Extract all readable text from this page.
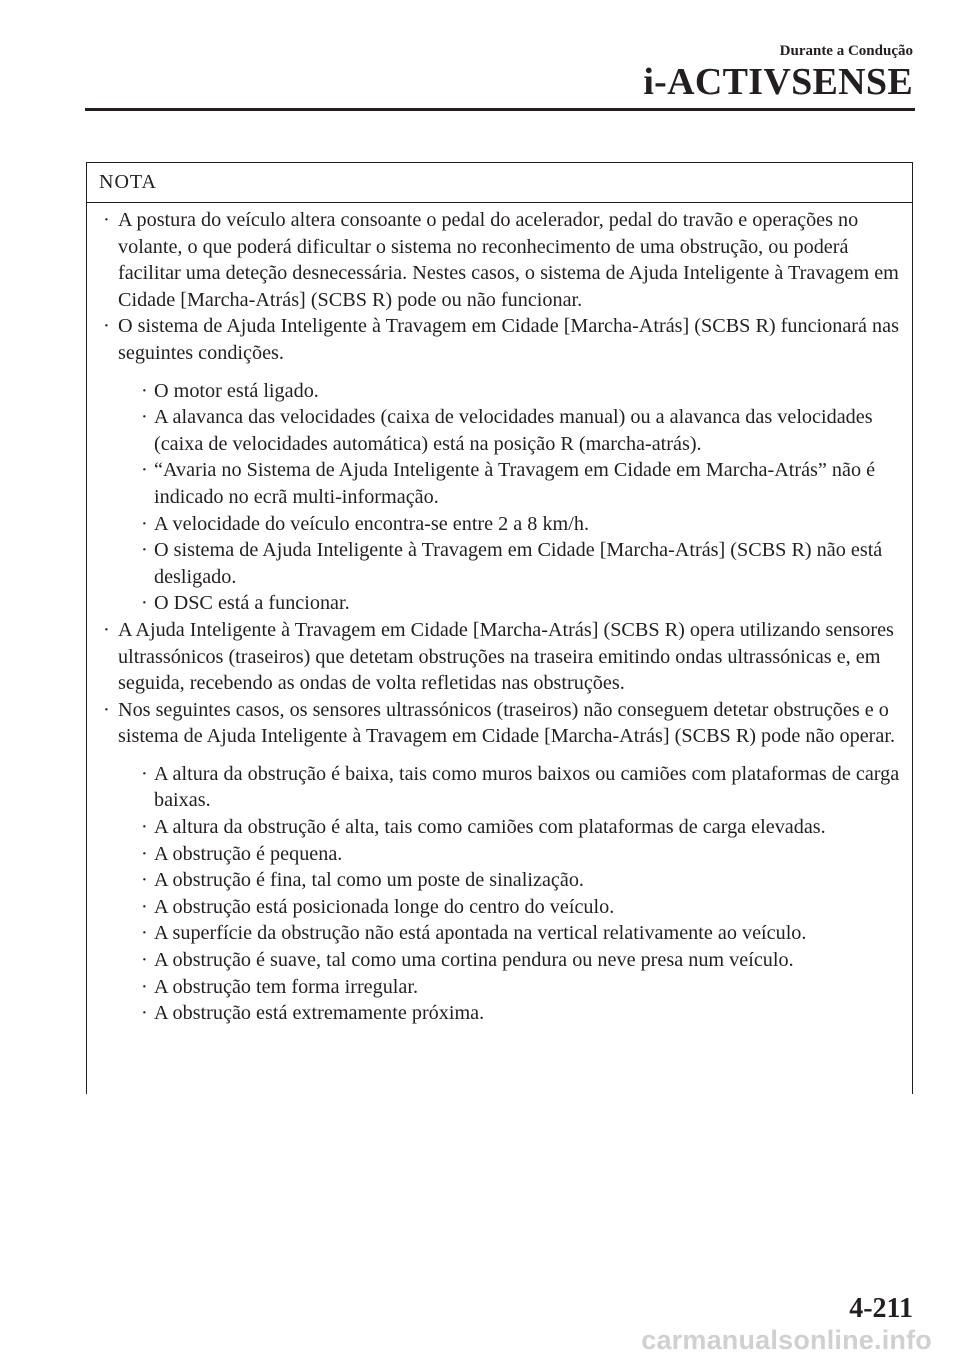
Durante a Condução
i-ACTIVSENSE
NOTA
· A postura do veículo altera consoante o pedal do acelerador, pedal do travão e operações no volante, o que poderá dificultar o sistema no reconhecimento de uma obstrução, ou poderá facilitar uma deteção desnecessária. Nestes casos, o sistema de Ajuda Inteligente à Travagem em Cidade [Marcha-Atrás] (SCBS R) pode ou não funcionar.
· O sistema de Ajuda Inteligente à Travagem em Cidade [Marcha-Atrás] (SCBS R) funcionará nas seguintes condições.
· O motor está ligado.
· A alavanca das velocidades (caixa de velocidades manual) ou a alavanca das velocidades (caixa de velocidades automática) está na posição R (marcha-atrás).
· “Avaria no Sistema de Ajuda Inteligente à Travagem em Cidade em Marcha-Atrás” não é indicado no ecrã multi-informação.
· A velocidade do veículo encontra-se entre 2 a 8 km/h.
· O sistema de Ajuda Inteligente à Travagem em Cidade [Marcha-Atrás] (SCBS R) não está desligado.
· O DSC está a funcionar.
· A Ajuda Inteligente à Travagem em Cidade [Marcha-Atrás] (SCBS R) opera utilizando sensores ultrassónicos (traseiros) que detetam obstruções na traseira emitindo ondas ultrassónicas e, em seguida, recebendo as ondas de volta refletidas nas obstruções.
· Nos seguintes casos, os sensores ultrassónicos (traseiros) não conseguem detetar obstruções e o sistema de Ajuda Inteligente à Travagem em Cidade [Marcha-Atrás] (SCBS R) pode não operar.
· A altura da obstrução é baixa, tais como muros baixos ou camiões com plataformas de carga baixas.
· A altura da obstrução é alta, tais como camiões com plataformas de carga elevadas.
· A obstrução é pequena.
· A obstrução é fina, tal como um poste de sinalização.
· A obstrução está posicionada longe do centro do veículo.
· A superfície da obstrução não está apontada na vertical relativamente ao veículo.
· A obstrução é suave, tal como uma cortina pendura ou neve presa num veículo.
· A obstrução tem forma irregular.
· A obstrução está extremamente próxima.
4-211
carmanualsonline.info
